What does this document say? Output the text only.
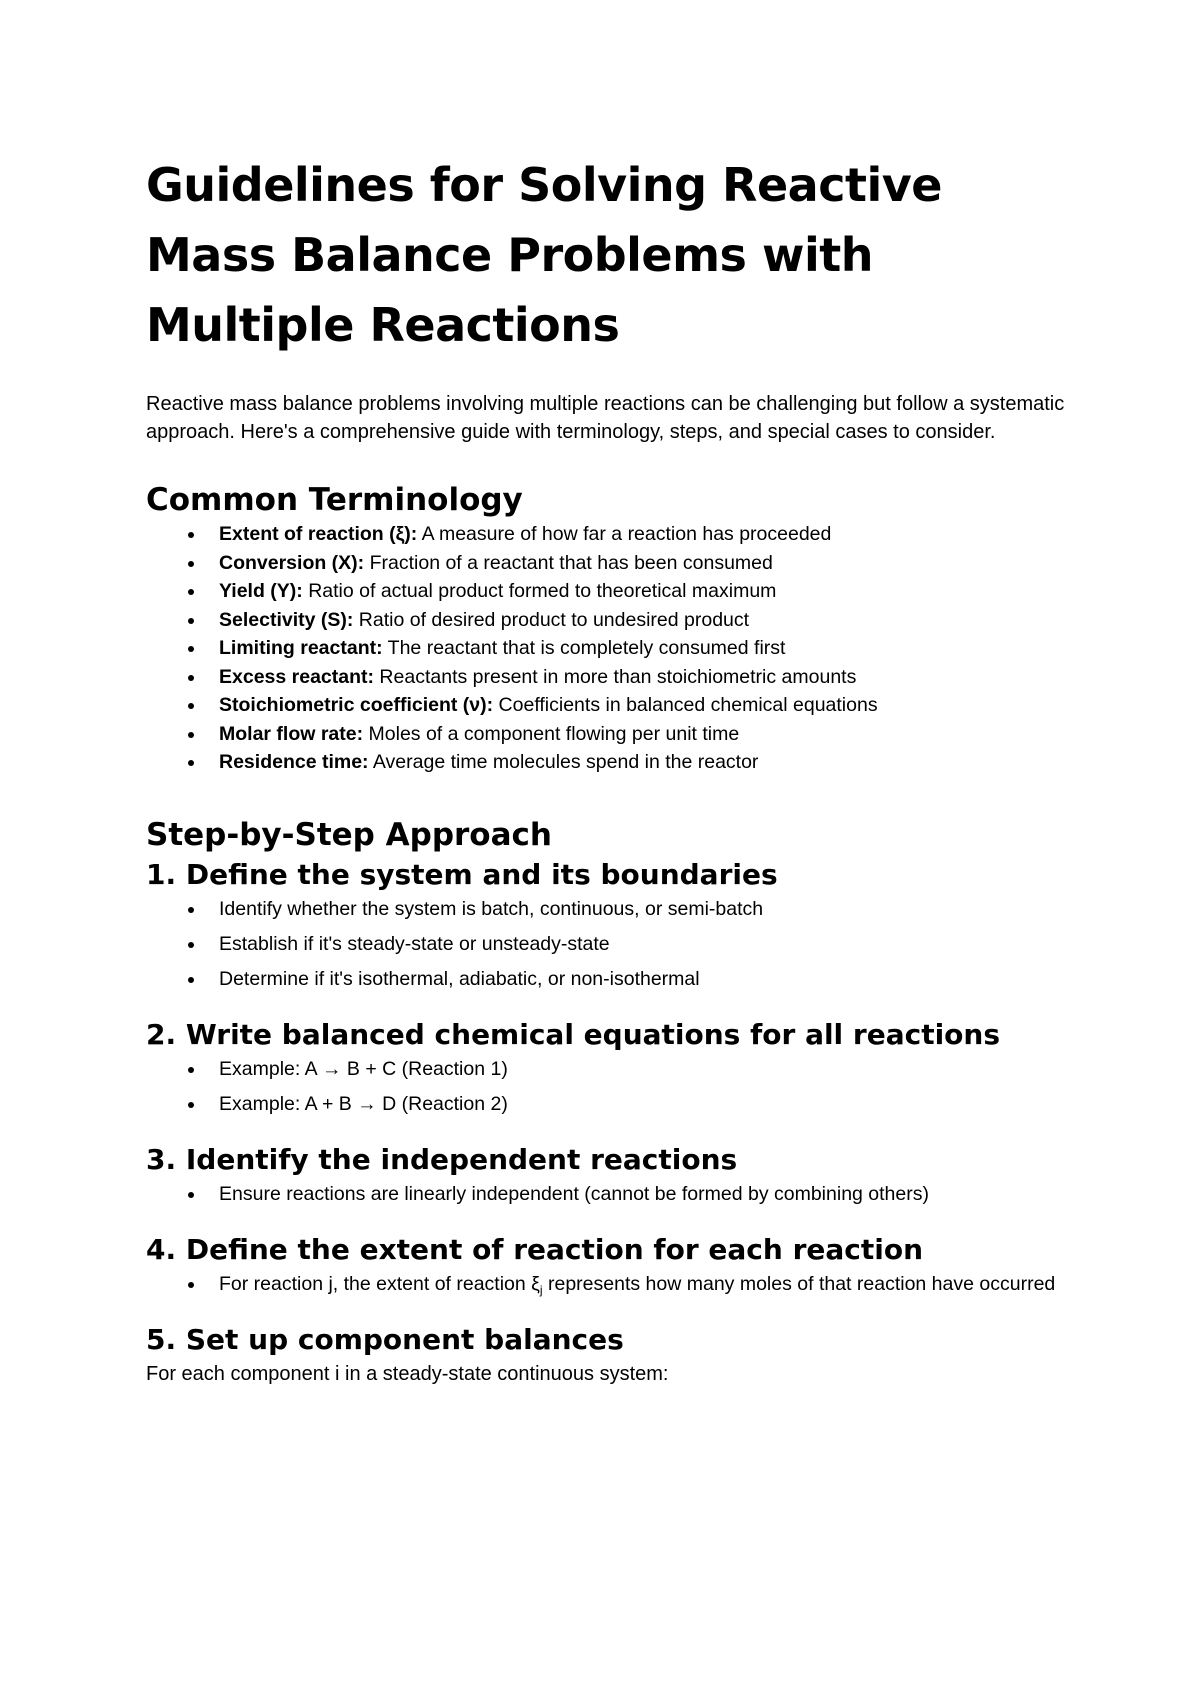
Guidelines for Solving Reactive Mass Balance Problems with Multiple Reactions

Reactive mass balance problems involving multiple reactions can be challenging but follow a systematic approach. Here's a comprehensive guide with terminology, steps, and special cases to consider.

Common Terminology
Extent of reaction (ξ): A measure of how far a reaction has proceeded
Conversion (X): Fraction of a reactant that has been consumed
Yield (Y): Ratio of actual product formed to theoretical maximum
Selectivity (S): Ratio of desired product to undesired product
Limiting reactant: The reactant that is completely consumed first
Excess reactant: Reactants present in more than stoichiometric amounts
Stoichiometric coefficient (ν): Coefficients in balanced chemical equations
Molar flow rate: Moles of a component flowing per unit time
Residence time: Average time molecules spend in the reactor
Step-by-Step Approach
1. Define the system and its boundaries
Identify whether the system is batch, continuous, or semi-batch
Establish if it's steady-state or unsteady-state
Determine if it's isothermal, adiabatic, or non-isothermal
2. Write balanced chemical equations for all reactions
Example: A → B + C (Reaction 1)
Example: A + B → D (Reaction 2)
3. Identify the independent reactions
Ensure reactions are linearly independent (cannot be formed by combining others)
4. Define the extent of reaction for each reaction
For reaction j, the extent of reaction $\xi_j$ represents how many moles of that reaction have occurred
5. Set up component balances

For each component i in a steady-state continuous system:
